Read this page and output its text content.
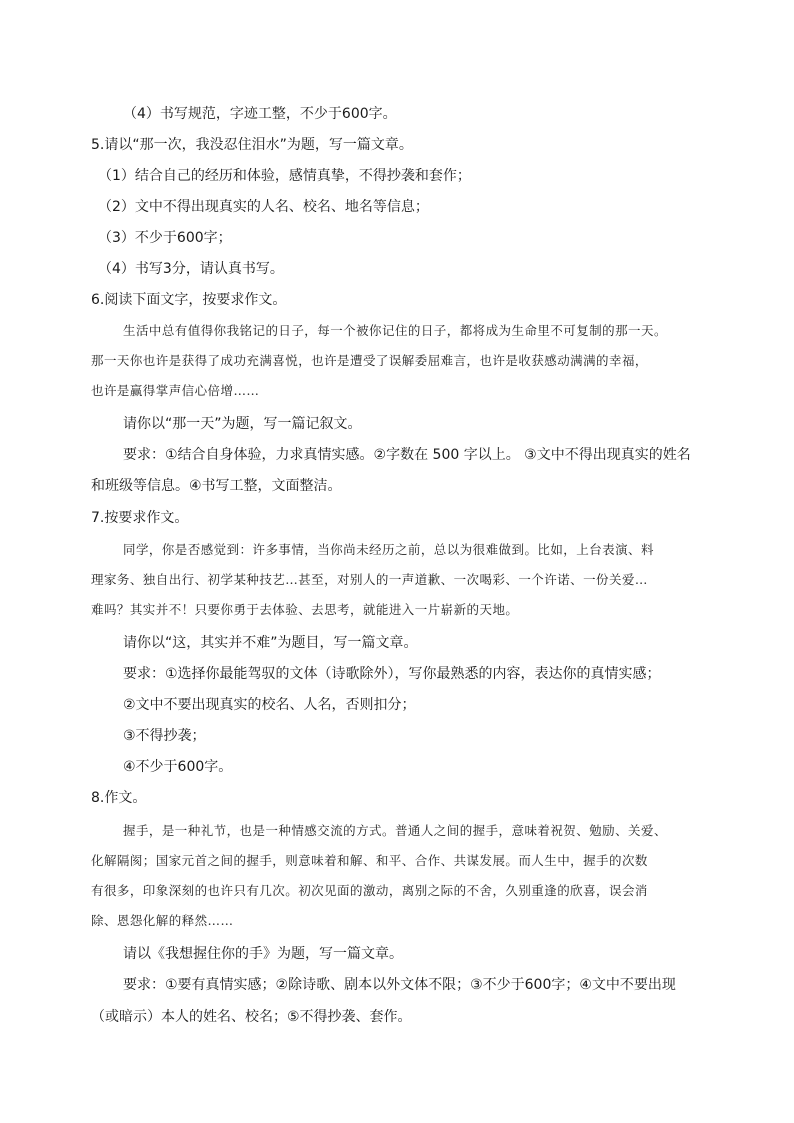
（4）书写规范，字迹工整，不少于600字。
5.请以“那一次，我没忍住泪水”为题，写一篇文章。
（1）结合自己的经历和体验，感情真挚，不得抄袭和套作；
（2）文中不得出现真实的人名、校名、地名等信息；
（3）不少于600字；
（4）书写3分，请认真书写。
6.阅读下面文字，按要求作文。
生活中总有值得你我铭记的日子，每一个被你记住的日子，都将成为生命里不可复制的那一天。
那一天你也许是获得了成功充满喜悦，也许是遭受了误解委屈难言，也许是收获感动满满的幸福，
也许是赢得掌声信心倍增……
请你以“那一天”为题，写一篇记叙文。
要求：①结合自身体验，力求真情实感。②字数在 500 字以上。 ③文中不得出现真实的姓名
和班级等信息。④书写工整，文面整洁。
7.按要求作文。
同学，你是否感觉到：许多事情，当你尚未经历之前，总以为很难做到。比如，上台表演、料
理家务、独自出行、初学某种技艺…甚至，对别人的一声道歉、一次喝彩、一个许诺、一份关爱…
难吗？其实并不！只要你勇于去体验、去思考，就能进入一片崭新的天地。
请你以“这，其实并不难”为题目，写一篇文章。
要求：①选择你最能驾驭的文体（诗歌除外），写你最熟悉的内容，表达你的真情实感；
②文中不要出现真实的校名、人名，否则扣分；
③不得抄袭；
④不少于600字。
8.作文。
握手，是一种礼节，也是一种情感交流的方式。普通人之间的握手，意味着祝贺、勉励、关爱、
化解隔阂；国家元首之间的握手，则意味着和解、和平、合作、共谋发展。而人生中，握手的次数
有很多，印象深刻的也许只有几次。初次见面的激动，离别之际的不舍，久别重逢的欣喜，误会消
除、恩怨化解的释然……
请以《我想握住你的手》为题，写一篇文章。
要求：①要有真情实感；②除诗歌、剧本以外文体不限；③不少于600字；④文中不要出现
（或暗示）本人的姓名、校名；⑤不得抄袭、套作。
